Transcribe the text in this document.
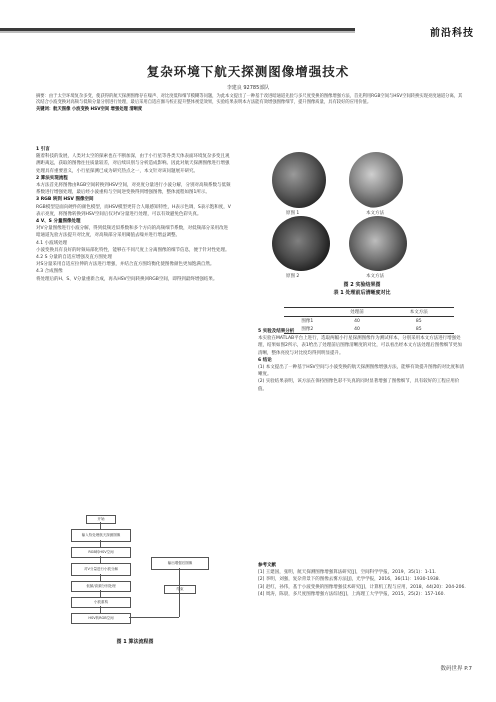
前沿科技
复杂环境下航天探测图像增强技术
李建良 92785部队
摘要：由于太空环境复杂多变，使获得的航天探测图像存在噪声、对比度低和细节模糊等问题，为此本文提出了一种基于改进暗通道先验与多尺度变换的图像增强方法，首先利用RGB空间与HSV空间转换实现亮度通道分离，其次结合小波变换对高频与低频分量分别进行处理，最后采用自适应伽马校正提升整体视觉效果，实验结果表明本方法能有效增强图像细节，提升图像质量，具有较好的应用价值。
关键词：航天图像 小波变换 HSV空间 增强处理 清晰度

1 引言

随着科技的发展，人类对太空的探索也在不断加深，由于小行星等各类天体表面环境复杂多变且观测距离远，获取的图像往往质量较差，对后续识别与分析造成影响。因此对航天探测图像进行增强处理具有重要意义，小行星探测已成为研究热点之一，本文针对该问题展开研究。

2 算法实现流程

本方法首先将图像由RGB空间转换到HSV空间，对亮度分量进行小波分解，分别对高频系数与低频系数进行增强处理，最后经小波重构与空间逆变换得到增强图像，整体流程如图1所示。

3 RGB 转到 HSV 图像空间

RGB模型是面向硬件的颜色模型，而HSV模型更符合人眼感知特性，H表示色调，S表示饱和度，V表示亮度，将图像转换到HSV空间后仅对V分量进行处理，可以有效避免色彩失真。

4 V、S 分量图像处理

对V分量图像进行小波分解，得到低频近似系数和多个方向的高频细节系数，对低频部分采用改进暗通道先验方法提升对比度，对高频部分采用阈值去噪并进行增益调整。

4.1 小波域处理

小波变换具有良好的时频局部化特性，能够在不同尺度上分离图像的细节信息，便于针对性处理。

4.2 S 分量的自适应增强及直方图处理

对S分量采用自适应拉伸的方法进行增强，并结合直方图均衡化使图像颜色更加饱满自然。

4.3 合成图像

将处理后的H、S、V分量重新合成，再从HSV空间转换回RGB空间，即得到最终增强结果。

开始
输入待处理航天探测图像
RGB转HSV空间
对V分量进行小波分解
低频/高频分别处理
小波重构
HSV转RGB空间
输出增强后图像
结束
图 1 算法流程图
原图 1	本文方法
原图 2	本文方法
图 2 实验结果图
表 1 处理前后清晰度对比
	处理前	本文方法
图像1	40	85
图像2	40	85

5 实验及结果分析

本实验在MATLAB平台上进行，选取两幅小行星探测图像作为测试样本，分别采用本文方法进行增强处理，结果如图2所示，表1给出了处理前后图像清晰度的对比，可以看出经本文方法处理后图像细节更加清晰，整体亮度与对比度均得到明显提升。

6 结论

(1) 本文提出了一种基于HSV空间与小波变换的航天探测图像增强方法，能够有效提升图像的对比度和清晰度。

(2) 实验结果表明，该方法在保持图像色彩不失真的同时显著增强了图像细节，具有较好的工程应用价值。

参考文献
[1] 王建国，张明，航天探测图像增强算法研究[J]，空间科学学报，2019，35(1)：1-11.
[2] 李明，刘强，复杂背景下的图像去雾方法[J]，光学学报，2016，36(11)：1930-1938.
[3] 赵红，孙伟，基于小波变换的图像增强技术研究[J]，计算机工程与应用，2018，44(20)：204-206.
[4] 周涛，陈晨，多尺度图像增强方法综述[J]，上海理工大学学报，2015，25(2)：157-160.
数码世界 P.7
